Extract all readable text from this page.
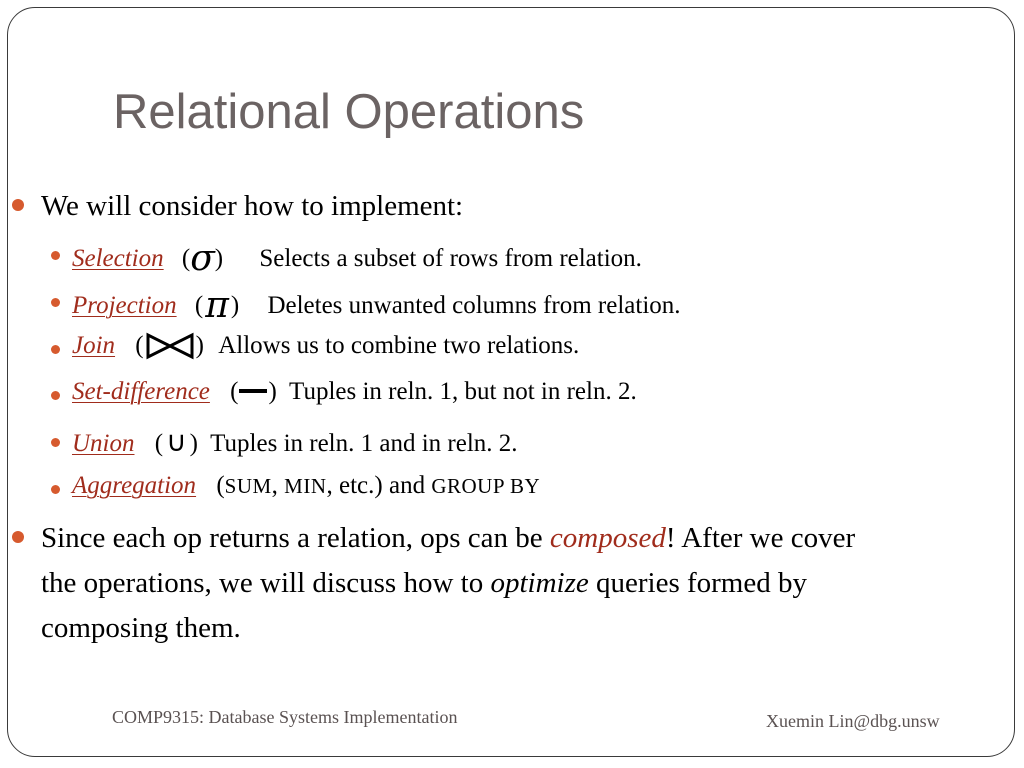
Relational Operations
We will consider how to implement:
Selection (σ) Selects a subset of rows from relation.
Projection (π) Deletes unwanted columns from relation.
Join ( ) Allows us to combine two relations.
Set-difference ( ) Tuples in reln. 1, but not in reln. 2.
Union ( ∪ ) Tuples in reln. 1 and in reln. 2.
Aggregation (SUM, MIN, etc.) and GROUP BY
Since each op returns a relation, ops can be composed! After we cover
the operations, we will discuss how to optimize queries formed by
composing them.
COMP9315: Database Systems Implementation	Xuemin Lin@dbg.unsw
